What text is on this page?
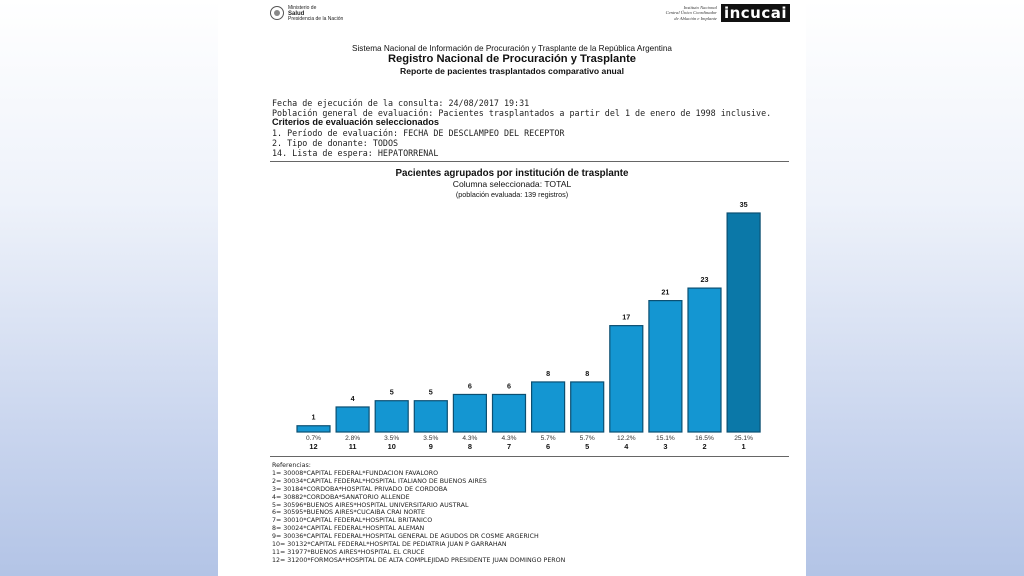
Ministerio de
Salud
Presidencia de la Nación
Instituto Nacional
Central Único Coordinador
de Ablación e Implante incucai
Sistema Nacional de Información de Procuración y Trasplante de la República Argentina
Registro Nacional de Procuración y Trasplante
Reporte de pacientes trasplantados comparativo anual
Fecha de ejecución de la consulta: 24/08/2017 19:31
Población general de evaluación: Pacientes trasplantados a partir del 1 de enero de 1998 inclusive.
Criterios de evaluación seleccionados
1. Período de evaluación: FECHA DE DESCLAMPEO DEL RECEPTOR
2. Tipo de donante: TODOS
14. Lista de espera: HEPATORRENAL
Pacientes agrupados por institución de trasplante
Columna seleccionada: TOTAL
(población evaluada: 139 registros)
1
0.7%
12
4
2.8%
11
5
3.5%
10
5
3.5%
9
6
4.3%
8
6
4.3%
7
8
5.7%
6
8
5.7%
5
17
12.2%
4
21
15.1%
3
23
16.5%
2
35
25.1%
1
Referencias:
1= 30008*CAPITAL FEDERAL*FUNDACION FAVALORO
2= 30034*CAPITAL FEDERAL*HOSPITAL ITALIANO DE BUENOS AIRES
3= 30184*CORDOBA*HOSPITAL PRIVADO DE CORDOBA
4= 30882*CORDOBA*SANATORIO ALLENDE
5= 30596*BUENOS AIRES*HOSPITAL UNIVERSITARIO AUSTRAL
6= 30595*BUENOS AIRES*CUCAIBA CRAI NORTE
7= 30010*CAPITAL FEDERAL*HOSPITAL BRITANICO
8= 30024*CAPITAL FEDERAL*HOSPITAL ALEMAN
9= 30036*CAPITAL FEDERAL*HOSPITAL GENERAL DE AGUDOS DR COSME ARGERICH
10= 30132*CAPITAL FEDERAL*HOSPITAL DE PEDIATRIA JUAN P GARRAHAN
11= 31977*BUENOS AIRES*HOSPITAL EL CRUCE
12= 31200*FORMOSA*HOSPITAL DE ALTA COMPLEJIDAD PRESIDENTE JUAN DOMINGO PERON
